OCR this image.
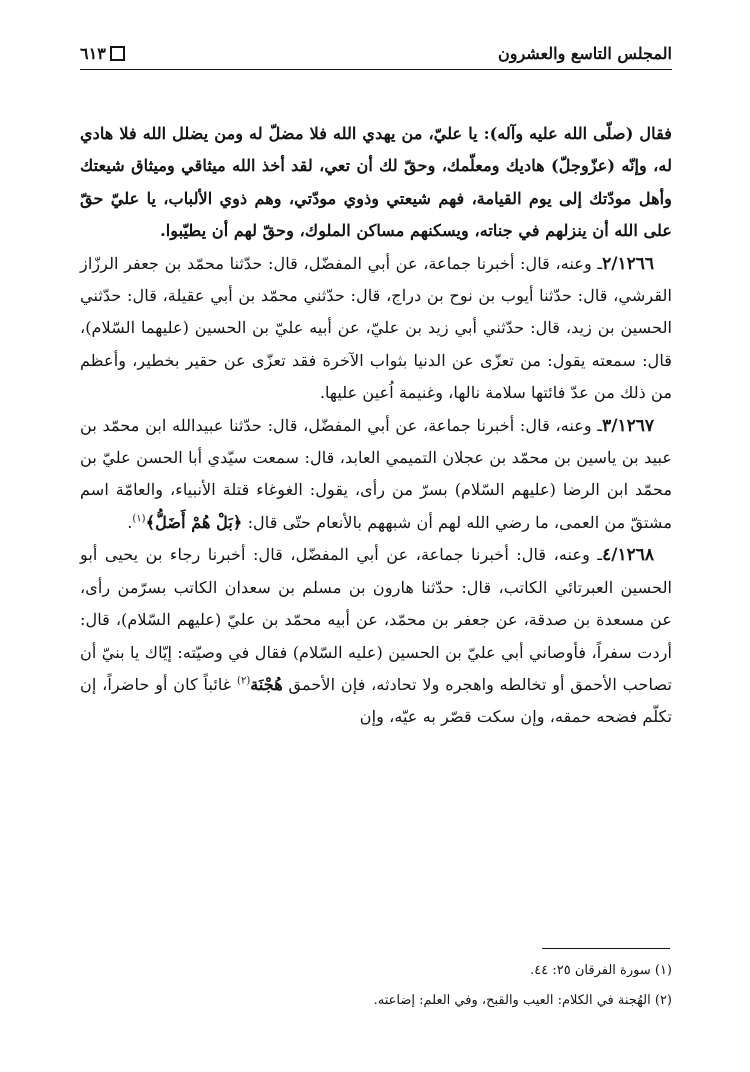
المجلس التاسع والعشرون
٦١٣

فقال (صلّى الله عليه وآله): يا عليّ، من يهدي الله فلا مضلّ له ومن يضلل الله فلا هادي له، وإنّه (عزّوجلّ) هاديك ومعلّمك، وحقّ لك أن تعي، لقد أخذ الله ميثاقي وميثاق شيعتك وأهل مودّتك إلى يوم القيامة، فهم شيعتي وذوي مودّتي، وهم ذوي الألباب، يا عليّ حقّ على الله أن ينزلهم في جناته، ويسكنهم مساكن الملوك، وحقّ لهم أن يطيّبوا.

٢/١٢٦٦ـ وعنه، قال: أخبرنا جماعة، عن أبي المفضّل، قال: حدّثنا محمّد بن جعفر الرزّاز القرشي، قال: حدّثنا أيوب بن نوح بن دراج، قال: حدّثني محمّد بن أبي عقيلة، قال: حدّثني الحسين بن زيد، قال: حدّثني أبي زيد بن عليّ، عن أبيه عليّ بن الحسين (عليهما السّلام)، قال: سمعته يقول: من تعزّى عن الدنيا بثواب الآخرة فقد تعزّى عن حقير بخطير، وأعظم من ذلك من عدّ فائتها سلامة نالها، وغنيمة اُعين عليها.

٣/١٢٦٧ـ وعنه، قال: أخبرنا جماعة، عن أبي المفضّل، قال: حدّثنا عبيدالله ابن محمّد بن عبيد بن ياسين بن محمّد بن عجلان التميمي العابد، قال: سمعت سيّدي أبا الحسن عليّ بن محمّد ابن الرضا (عليهم السّلام) بسرّ من رأى، يقول: الغوغاء قتلة الأنبياء، والعامّة اسم مشتقّ من العمى، ما رضي الله لهم أن شبههم بالأنعام حتّى قال: ﴿بَلْ هُمْ أَضَلُّ﴾$^{(١)}$.

٤/١٢٦٨ـ وعنه، قال: أخبرنا جماعة، عن أبي المفضّل، قال: أخبرنا رجاء بن يحيى أبو الحسين العبرتائي الكاتب، قال: حدّثنا هارون بن مسلم بن سعدان الكاتب بسرّمن رأى، عن مسعدة بن صدقة، عن جعفر بن محمّد، عن أبيه محمّد بن عليّ (عليهم السّلام)، قال: أردت سفراً، فأوصاني أبي عليّ بن الحسين (عليه السّلام) فقال في وصيّته: إيّاك يا بنيّ أن تصاحب الأحمق أو تخالطه واهجره ولا تحادثه، فإن الأحمق هُجْنَة$^{(٢)}$ غائباً كان أو حاضراً، إن تكلّم فضحه حمقه، وإن سكت قصّر به عيّه، وإن

(١) سورة الفرقان ٢٥: ٤٤.

(٢) الهُجنة في الكلام: العيب والقبح، وفي العلم: إضاعته.
